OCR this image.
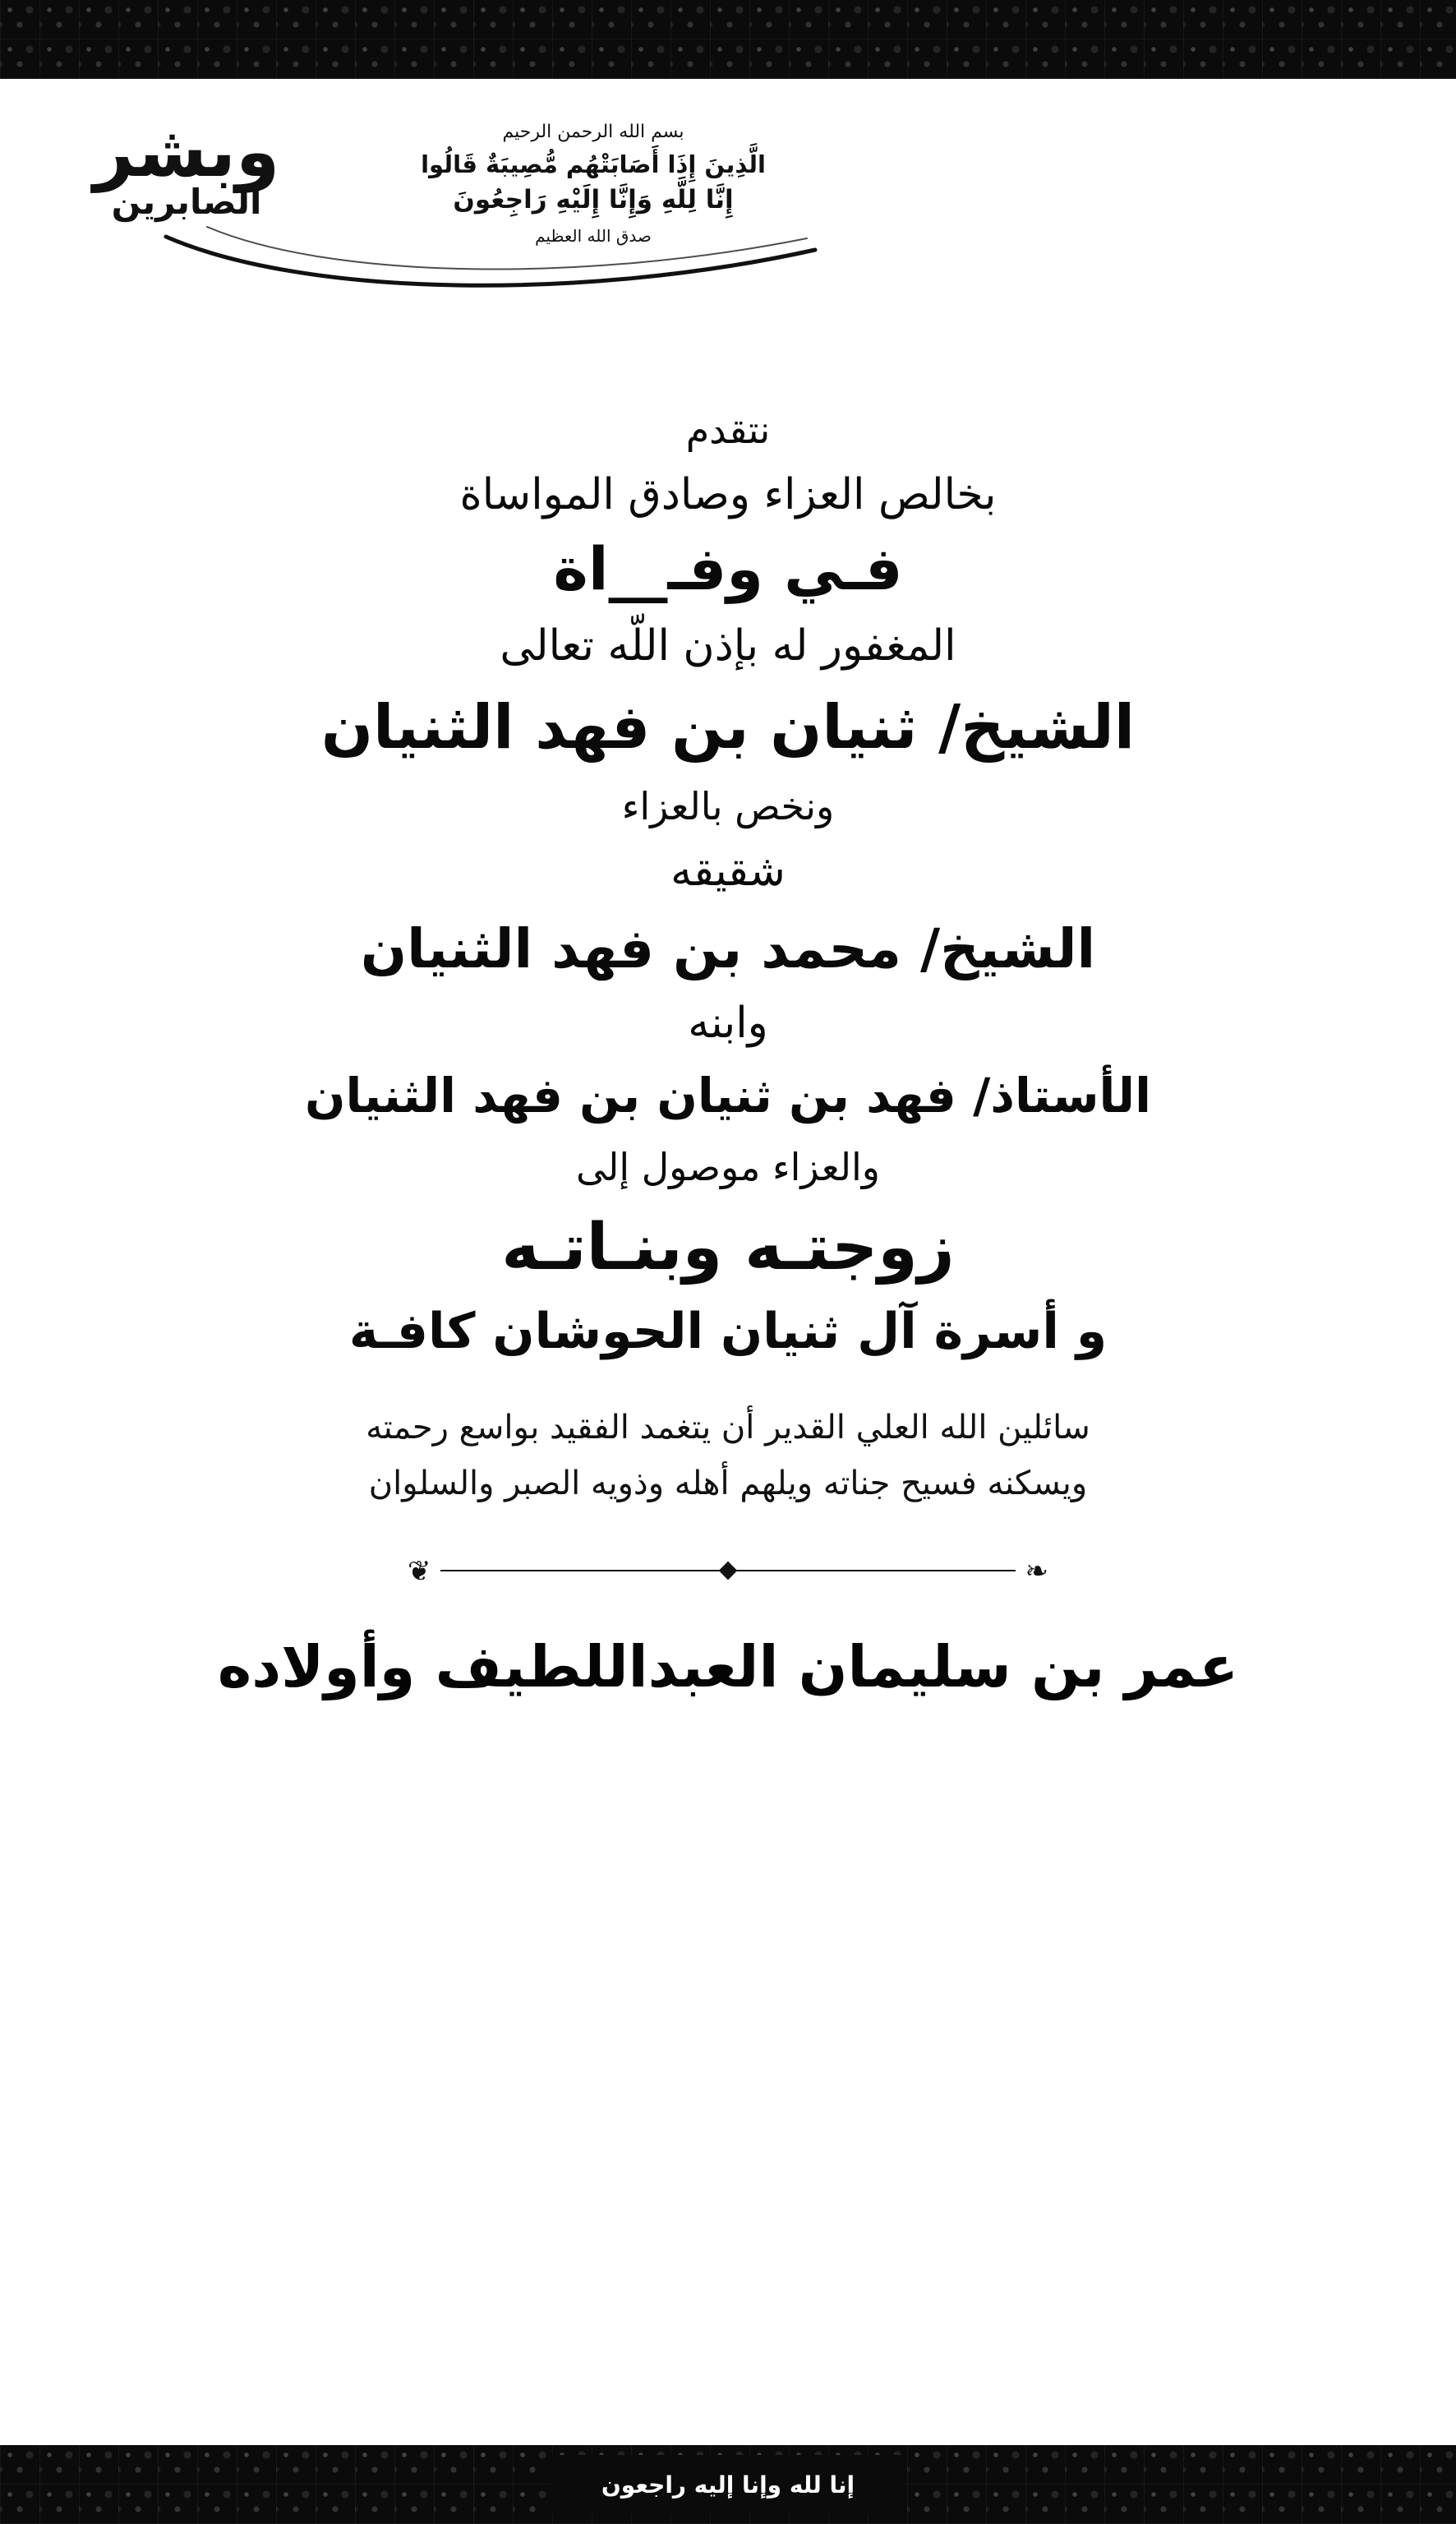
وبشر
الصابرين
بسم الله الرحمن الرحيم
الَّذِينَ إِذَا أَصَابَتْهُم مُّصِيبَةٌ قَالُوا
إِنَّا لِلَّهِ وَإِنَّا إِلَيْهِ رَاجِعُونَ
صدق الله العظيم
نتقدم
بخالص العزاء وصادق المواساة
فـي وفـ__اة
المغفور له بإذن اللّه تعالى
الشيخ/ ثنيان بن فهد الثنيان
ونخص بالعزاء
شقيقه
الشيخ/ محمد بن فهد الثنيان
وابنه
الأستاذ/ فهد بن ثنيان بن فهد الثنيان
والعزاء موصول إلى
زوجتـه وبنـاتـه
و أسرة آل ثنيان الحوشان كافـة
سائلين الله العلي القدير أن يتغمد الفقيد بواسع رحمته
ويسكنه فسيح جناته ويلهم أهله وذويه الصبر والسلوان
❦	❧
عمر بن سليمان العبداللطيف وأولاده
إنا لله وإنا إليه راجعون
